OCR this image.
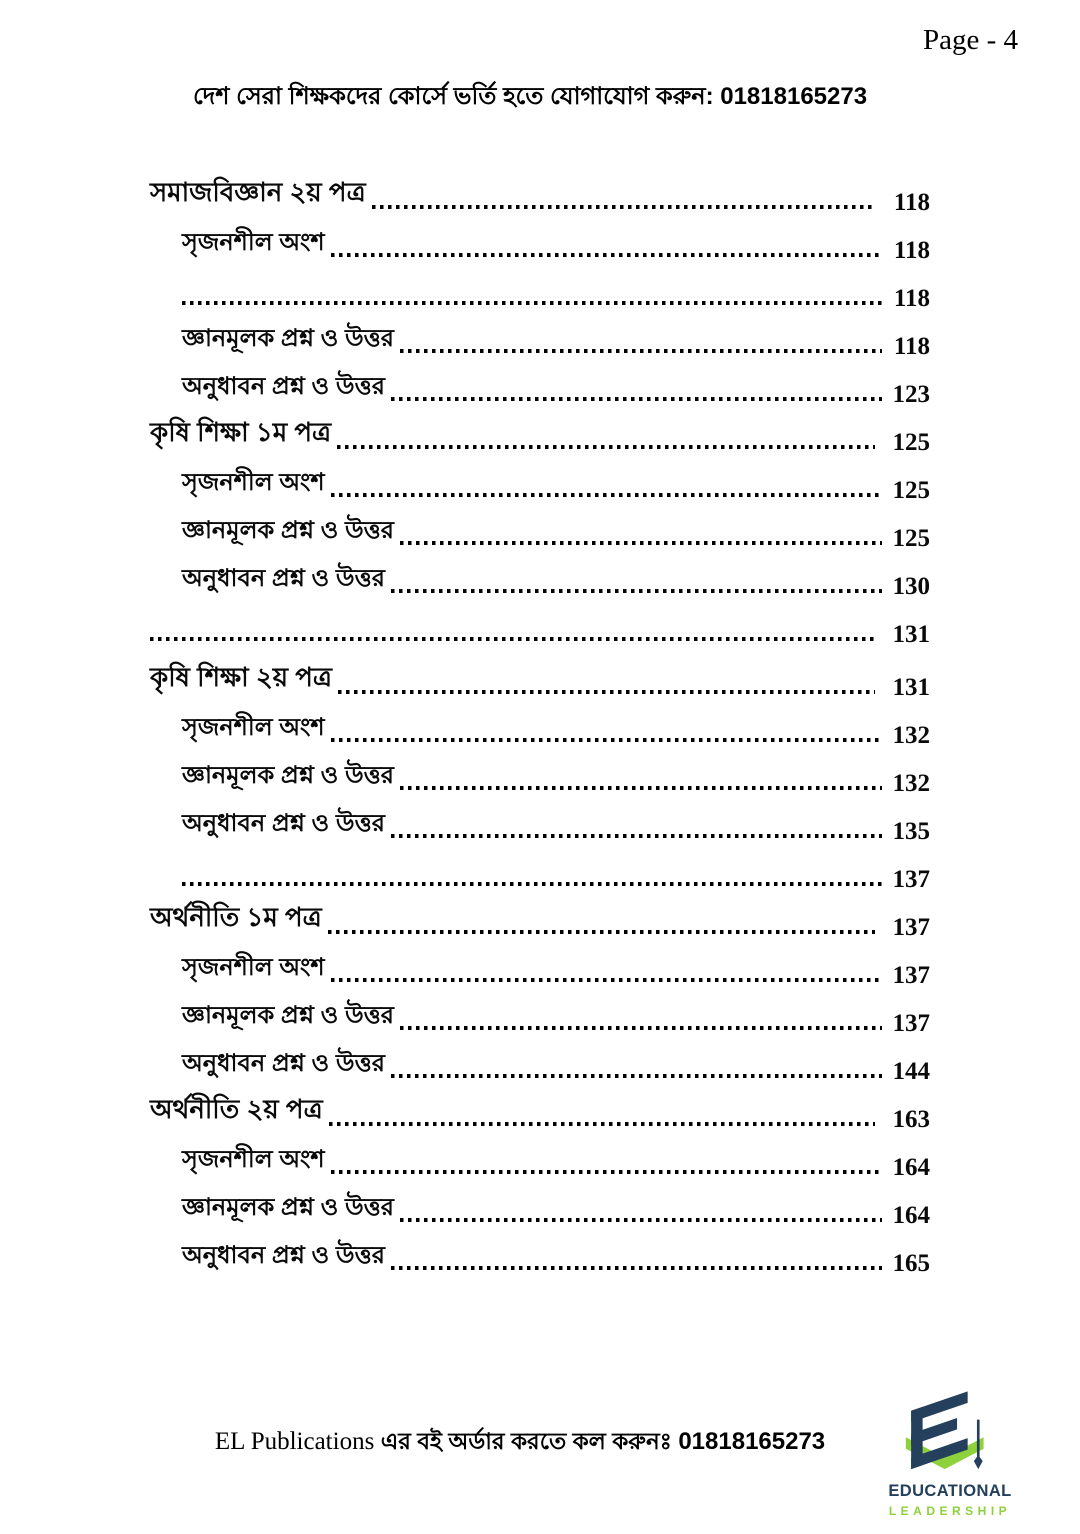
Page - 4
দেশ সেরা শিক্ষকদের কোর্সে ভর্তি হতে যোগাযোগ করুন: 01818165273
সমাজবিজ্ঞান ২য় পত্র	118
সৃজনশীল অংশ	118
118
জ্ঞানমূলক প্রশ্ন ও উত্তর	118
অনুধাবন প্রশ্ন ও উত্তর	123
কৃষি শিক্ষা ১ম পত্র	125
সৃজনশীল অংশ	125
জ্ঞানমূলক প্রশ্ন ও উত্তর	125
অনুধাবন প্রশ্ন ও উত্তর	130
131
কৃষি শিক্ষা ২য় পত্র	131
সৃজনশীল অংশ	132
জ্ঞানমূলক প্রশ্ন ও উত্তর	132
অনুধাবন প্রশ্ন ও উত্তর	135
137
অর্থনীতি ১ম পত্র	137
সৃজনশীল অংশ	137
জ্ঞানমূলক প্রশ্ন ও উত্তর	137
অনুধাবন প্রশ্ন ও উত্তর	144
অর্থনীতি ২য় পত্র	163
সৃজনশীল অংশ	164
জ্ঞানমূলক প্রশ্ন ও উত্তর	164
অনুধাবন প্রশ্ন ও উত্তর	165
EL Publications এর বই অর্ডার করতে কল করুনঃ 01818165273
EDUCATIONAL
LEADERSHIP
